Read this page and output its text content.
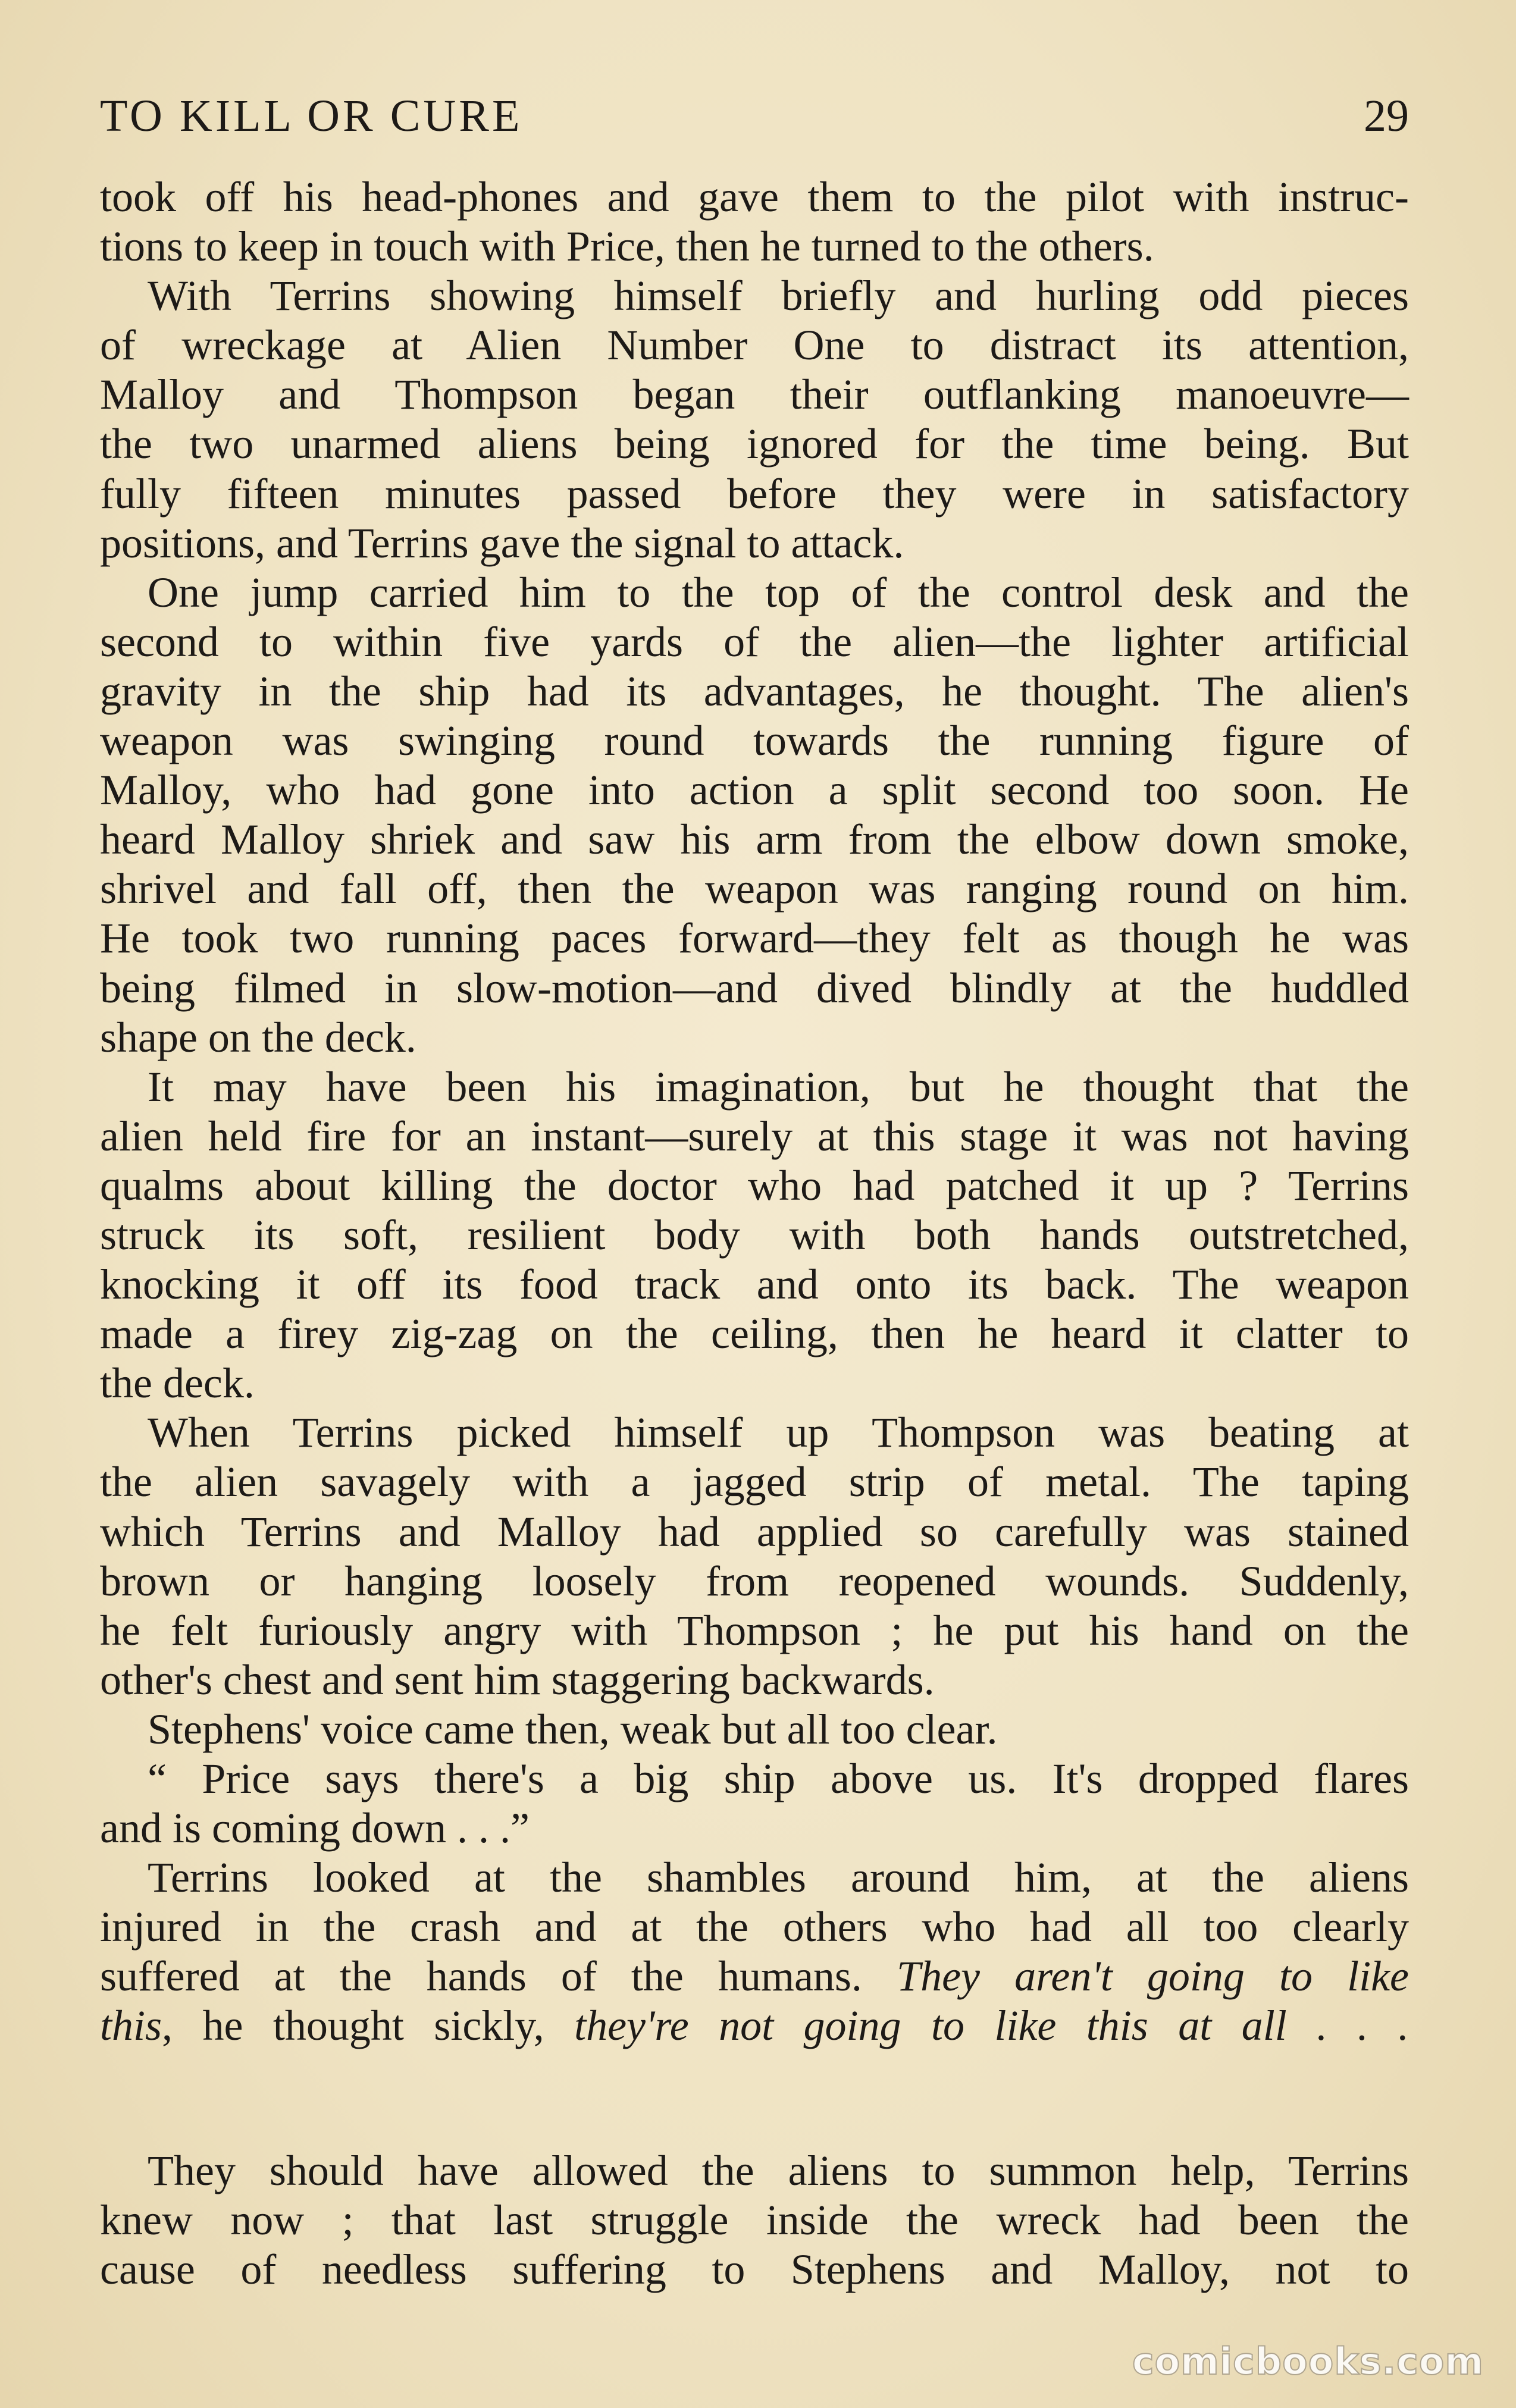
TO KILL OR CURE	29
took off his head-phones and gave them to the pilot with instruc-
tions to keep in touch with Price, then he turned to the others.
With Terrins showing himself briefly and hurling odd pieces
of wreckage at Alien Number One to distract its attention,
Malloy and Thompson began their outflanking manoeuvre—
the two unarmed aliens being ignored for the time being. But
fully fifteen minutes passed before they were in satisfactory
positions, and Terrins gave the signal to attack.
One jump carried him to the top of the control desk and the
second to within five yards of the alien—the lighter artificial
gravity in the ship had its advantages, he thought. The alien's
weapon was swinging round towards the running figure of
Malloy, who had gone into action a split second too soon. He
heard Malloy shriek and saw his arm from the elbow down smoke,
shrivel and fall off, then the weapon was ranging round on him.
He took two running paces forward—they felt as though he was
being filmed in slow-motion—and dived blindly at the huddled
shape on the deck.
It may have been his imagination, but he thought that the
alien held fire for an instant—surely at this stage it was not having
qualms about killing the doctor who had patched it up ? Terrins
struck its soft, resilient body with both hands outstretched,
knocking it off its food track and onto its back. The weapon
made a firey zig-zag on the ceiling, then he heard it clatter to
the deck.
When Terrins picked himself up Thompson was beating at
the alien savagely with a jagged strip of metal. The taping
which Terrins and Malloy had applied so carefully was stained
brown or hanging loosely from reopened wounds. Suddenly,
he felt furiously angry with Thompson ; he put his hand on the
other's chest and sent him staggering backwards.
Stephens' voice came then, weak but all too clear.
“ Price says there's a big ship above us. It's dropped flares
and is coming down . . .”
Terrins looked at the shambles around him, at the aliens
injured in the crash and at the others who had all too clearly
suffered at the hands of the humans. They aren't going to like
this, he thought sickly, they're not going to like this at all . . .
They should have allowed the aliens to summon help, Terrins
knew now ; that last struggle inside the wreck had been the
cause of needless suffering to Stephens and Malloy, not to
comicbooks.com
